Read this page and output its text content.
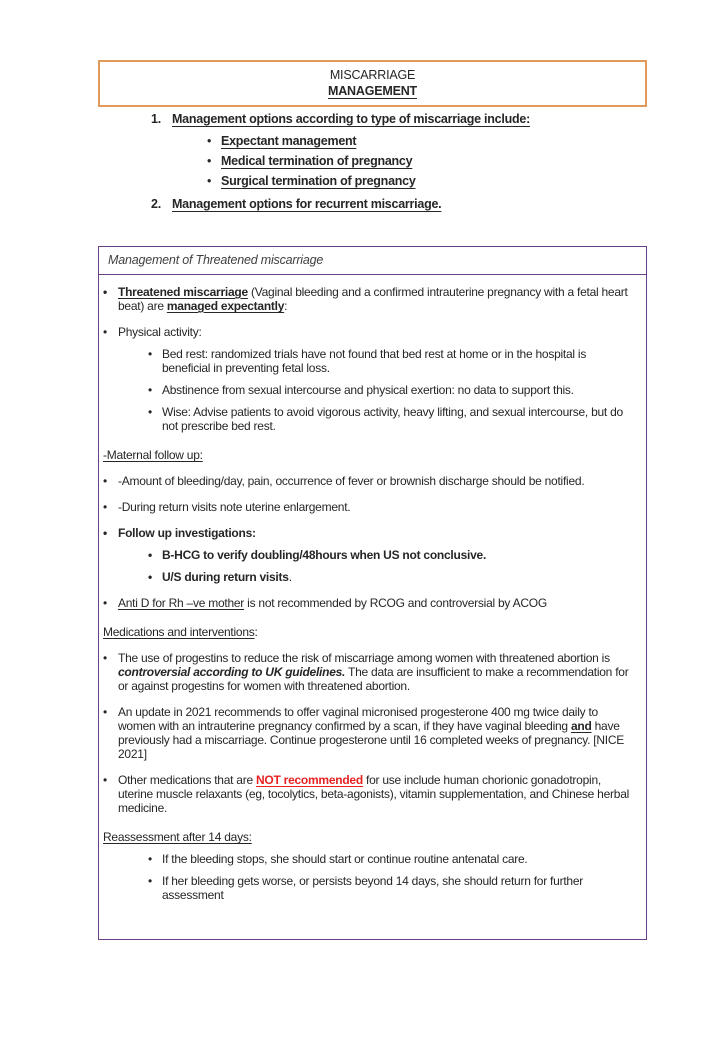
MISCARRIAGE
MANAGEMENT
1. Management options according to type of miscarriage include:
• Expectant management
• Medical termination of pregnancy
• Surgical termination of pregnancy
2. Management options for recurrent miscarriage.
Management of Threatened miscarriage
• Threatened miscarriage (Vaginal bleeding and a confirmed intrauterine pregnancy with a fetal heart beat) are managed expectantly:
• Physical activity:
• Bed rest: randomized trials have not found that bed rest at home or in the hospital is beneficial in preventing fetal loss.
• Abstinence from sexual intercourse and physical exertion: no data to support this.
• Wise: Advise patients to avoid vigorous activity, heavy lifting, and sexual intercourse, but do not prescribe bed rest.
-Maternal follow up:
• -Amount of bleeding/day, pain, occurrence of fever or brownish discharge should be notified.
• -During return visits note uterine enlargement.
• Follow up investigations:
• B-HCG to verify doubling/48hours when US not conclusive.
• U/S during return visits.
• Anti D for Rh –ve mother is not recommended by RCOG and controversial by ACOG
Medications and interventions:
• The use of progestins to reduce the risk of miscarriage among women with threatened abortion is controversial according to UK guidelines. The data are insufficient to make a recommendation for or against progestins for women with threatened abortion.
• An update in 2021 recommends to offer vaginal micronised progesterone 400 mg twice daily to women with an intrauterine pregnancy confirmed by a scan, if they have vaginal bleeding and have previously had a miscarriage. Continue progesterone until 16 completed weeks of pregnancy. [NICE 2021]
• Other medications that are NOT recommended for use include human chorionic gonadotropin, uterine muscle relaxants (eg, tocolytics, beta-agonists), vitamin supplementation, and Chinese herbal medicine.
Reassessment after 14 days:
• If the bleeding stops, she should start or continue routine antenatal care.
• If her bleeding gets worse, or persists beyond 14 days, she should return for further assessment
